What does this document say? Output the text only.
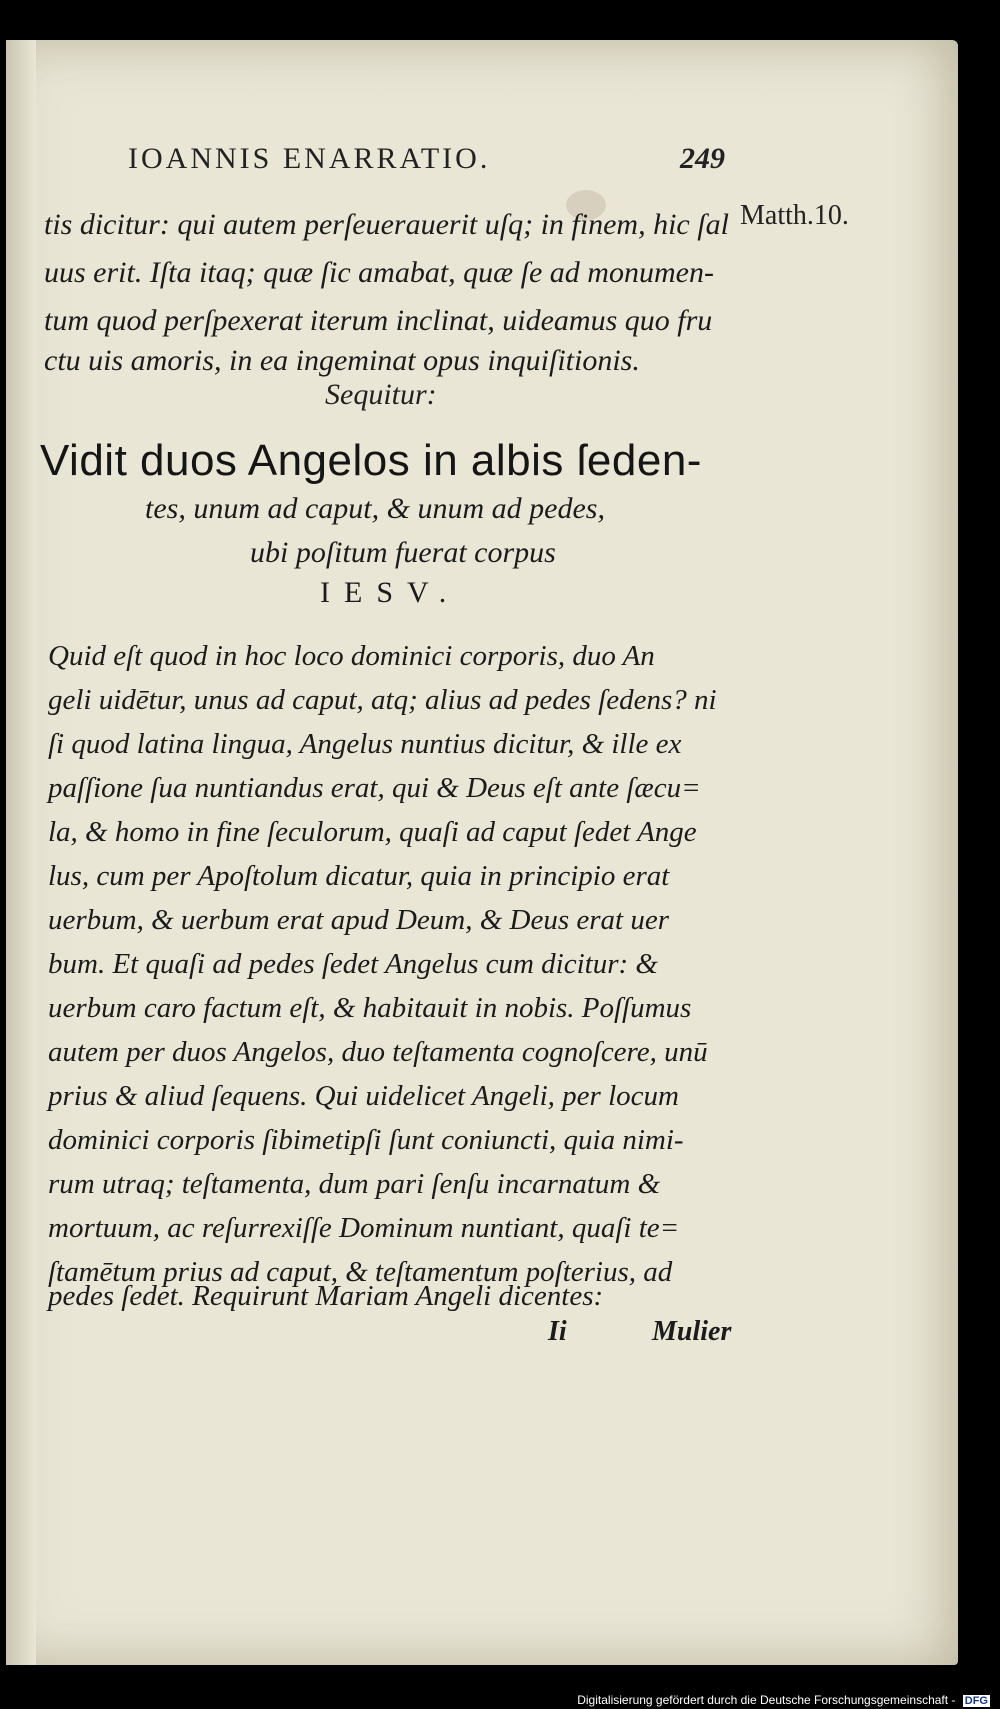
IOANNIS ENARRATIO.	249
Matth.10.
tis dicitur: qui autem perſeuerauerit uſq; in finem, hic ſal
uus erit. Iſta itaq; quæ ſic amabat, quæ ſe ad monumen-
tum quod perſpexerat iterum inclinat, uideamus quo fru
ctu uis amoris, in ea ingeminat opus inquiſitionis.
Sequitur:
Vidit duos Angelos in albis ſeden-
tes, unum ad caput, & unum ad pedes,
ubi poſitum fuerat corpus
IESV.
Quid eſt quod in hoc loco dominici corporis, duo An
geli uidētur, unus ad caput, atq; alius ad pedes ſedens? ni
ſi quod latina lingua, Angelus nuntius dicitur, & ille ex
paſſione ſua nuntiandus erat, qui & Deus eſt ante ſæcu=
la, & homo in fine ſeculorum, quaſi ad caput ſedet Ange
lus, cum per Apoſtolum dicatur, quia in principio erat
uerbum, & uerbum erat apud Deum, & Deus erat uer
bum. Et quaſi ad pedes ſedet Angelus cum dicitur: &
uerbum caro factum eſt, & habitauit in nobis. Poſſumus
autem per duos Angelos, duo teſtamenta cognoſcere, unū
prius & aliud ſequens. Qui uidelicet Angeli, per locum
dominici corporis ſibimetipſi ſunt coniuncti, quia nimi-
rum utraq; teſtamenta, dum pari ſenſu incarnatum &
mortuum, ac reſurrexiſſe Dominum nuntiant, quaſi te=
ſtamētum prius ad caput, & teſtamentum poſterius, ad
pedes ſedet. Requirunt Mariam Angeli dicentes:
Ii	Mulier
Digitalisierung gefördert durch die Deutsche Forschungsgemeinschaft - DFG
